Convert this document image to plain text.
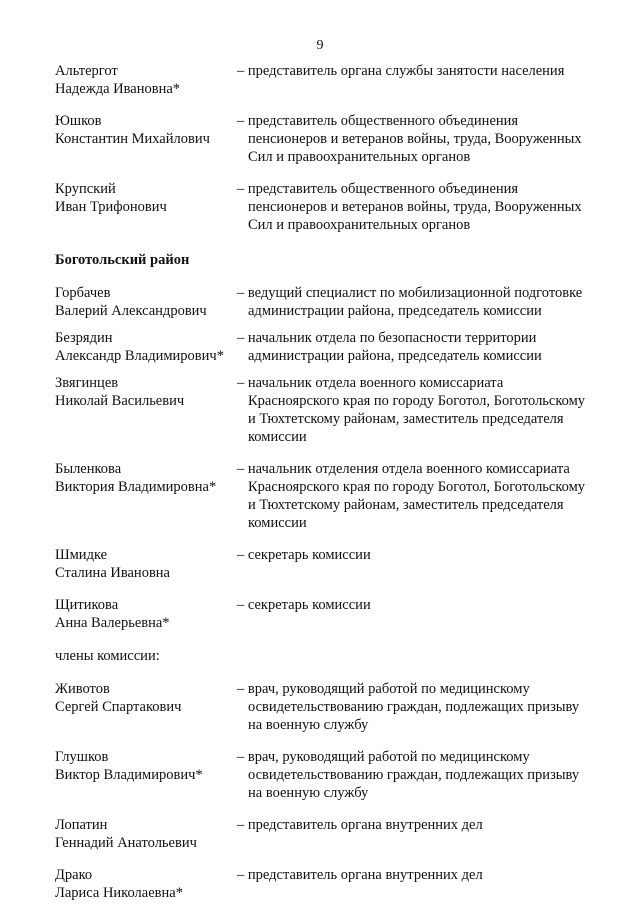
9
Альтергот
Надежда Ивановна*
– представитель органа службы занятости населения
Юшков
Константин Михайлович
– представитель общественного объединения пенсионеров и ветеранов войны, труда, Вооруженных Сил и правоохранительных органов
Крупский
Иван Трифонович
– представитель общественного объединения пенсионеров и ветеранов войны, труда, Вооруженных Сил и правоохранительных органов
Боготольский район
Горбачев
Валерий Александрович
– ведущий специалист по мобилизационной подготовке администрации района, председатель комиссии
Безрядин
Александр Владимирович*
– начальник отдела по безопасности территории администрации района, председатель комиссии
Звягинцев
Николай Васильевич
– начальник отдела военного комиссариата Красноярского края по городу Боготол, Боготольскому и Тюхтетскому районам, заместитель председателя комиссии
Быленкова
Виктория Владимировна*
– начальник отделения отдела военного комиссариата Красноярского края по городу Боготол, Боготольскому и Тюхтетскому районам, заместитель председателя комиссии
Шмидке
Сталина Ивановна
– секретарь комиссии
Щитикова
Анна Валерьевна*
– секретарь комиссии
члены комиссии:
Животов
Сергей Спартакович
– врач, руководящий работой по медицинскому освидетельствованию граждан, подлежащих призыву на военную службу
Глушков
Виктор Владимирович*
– врач, руководящий работой по медицинскому освидетельствованию граждан, подлежащих призыву на военную службу
Лопатин
Геннадий Анатольевич
– представитель органа внутренних дел
Драко
Лариса Николаевна*
– представитель органа внутренних дел
